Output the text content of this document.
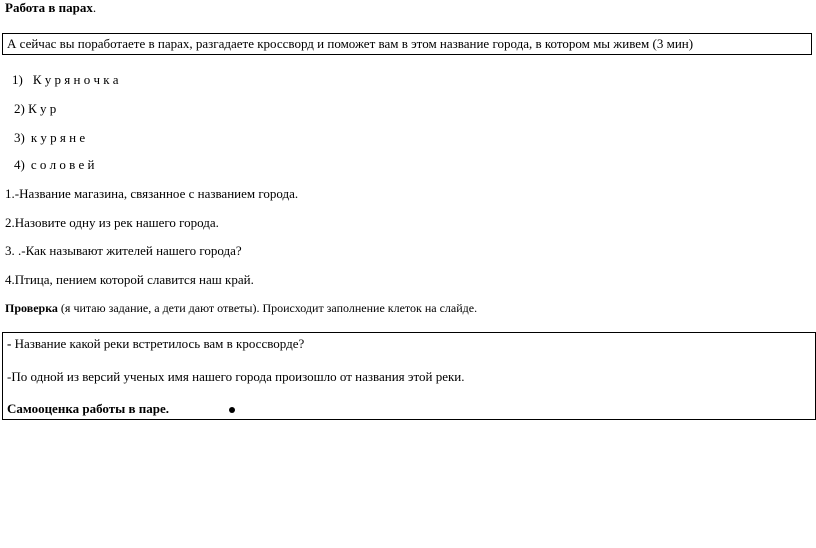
Работа в парах.
А сейчас вы поработаете в парах, разгадаете кроссворд и поможет вам в этом название города, в котором мы живем (3 мин)
1) К у р я н о ч к а
2) К у р
3) к у р я н е
4) с о л о в е й
1.-Название магазина, связанное с названием города.
2.Назовите одну из рек нашего города.
3. .-Как называют жителей нашего города?
4.Птица, пением которой славится наш край.
Проверка (я читаю задание, а дети дают ответы). Происходит заполнение клеток на слайде.
- Название какой реки встретилось вам в кроссворде?
-По одной из версий ученых имя нашего города произошло от названия этой реки.
Самооценка работы в паре.
